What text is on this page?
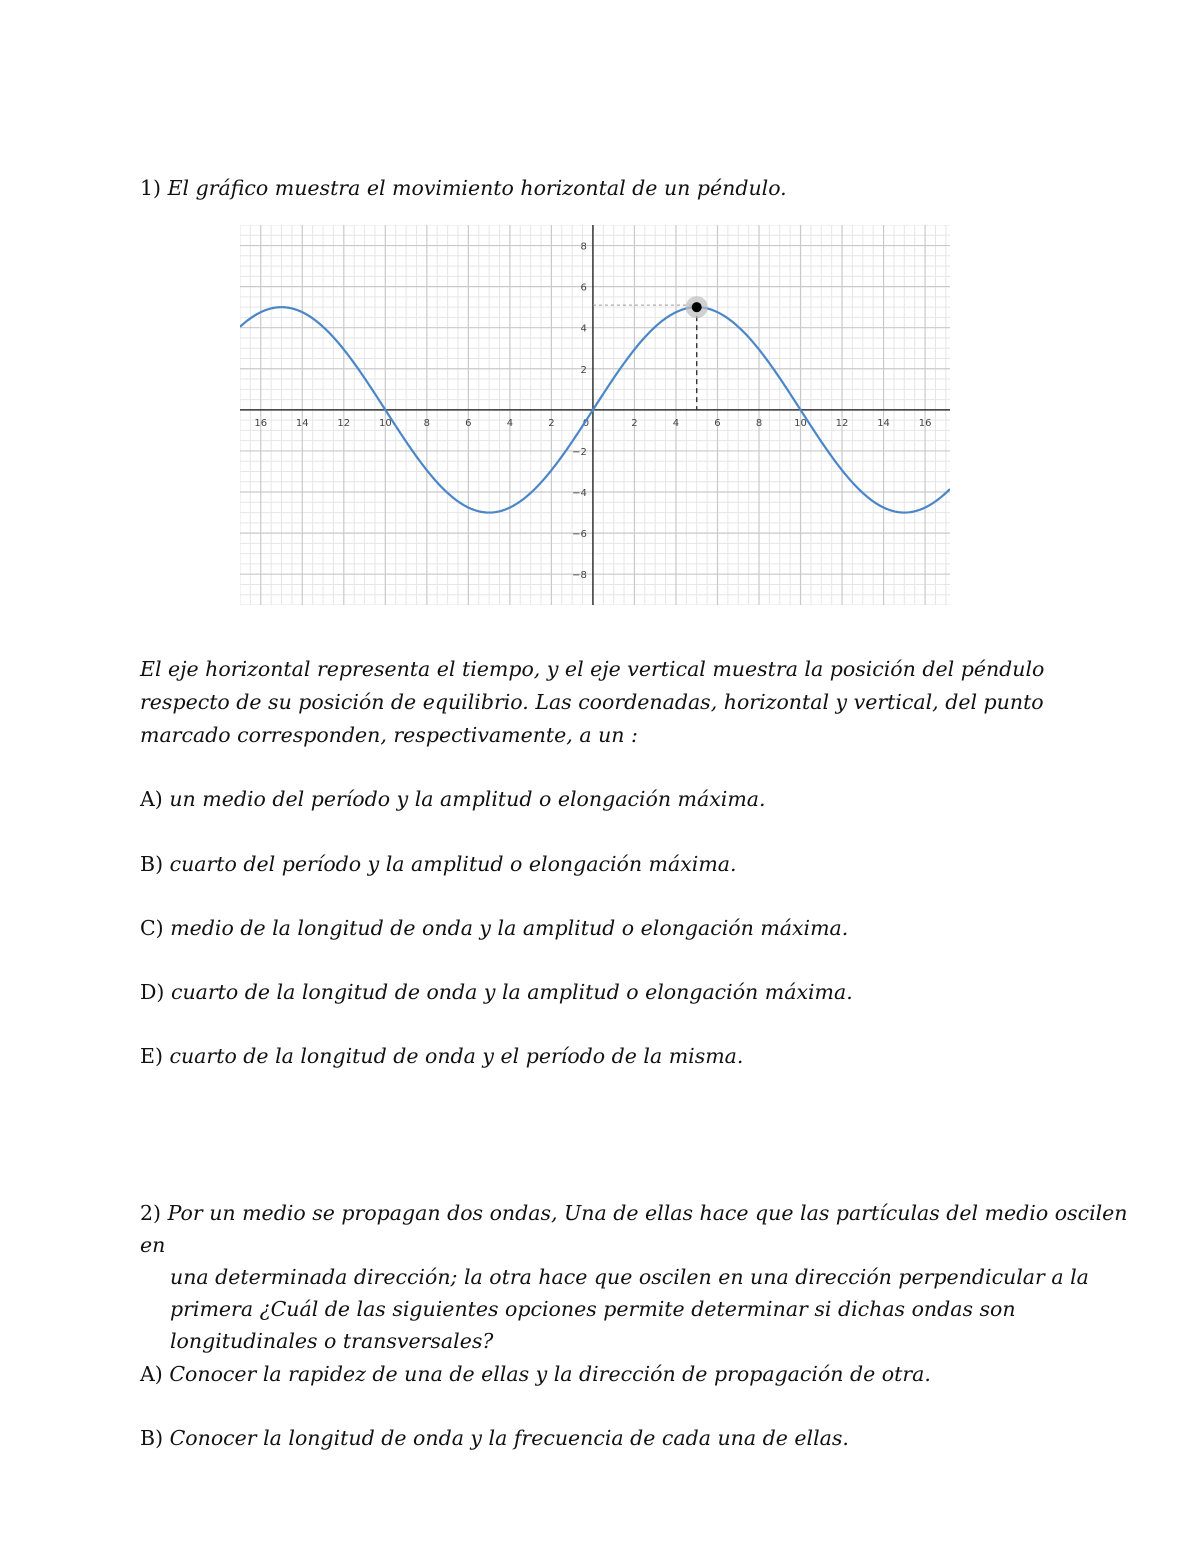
1) El gráfico muestra el movimiento horizontal de un péndulo.
16	14	12	10	8	6	4	2	0	2	4	6	8	10	12	14	16
8
6
4
2
−2
−4
−6
−8
El eje horizontal representa el tiempo, y el eje vertical muestra la posición del péndulo respecto de su posición de equilibrio. Las coordenadas, horizontal y vertical, del punto marcado corresponden, respectivamente, a un :
A) un medio del período y la amplitud o elongación máxima.
B) cuarto del período y la amplitud o elongación máxima.
C) medio de la longitud de onda y la amplitud o elongación máxima.
D) cuarto de la longitud de onda y la amplitud o elongación máxima.
E) cuarto de la longitud de onda y el período de la misma.
2) Por un medio se propagan dos ondas, Una de ellas hace que las partículas del medio oscilen en
una determinada dirección; la otra hace que oscilen en una dirección perpendicular a la primera ¿Cuál de las siguientes opciones permite determinar si dichas ondas son longitudinales o transversales?
A) Conocer la rapidez de una de ellas y la dirección de propagación de otra.
B) Conocer la longitud de onda y la frecuencia de cada una de ellas.
